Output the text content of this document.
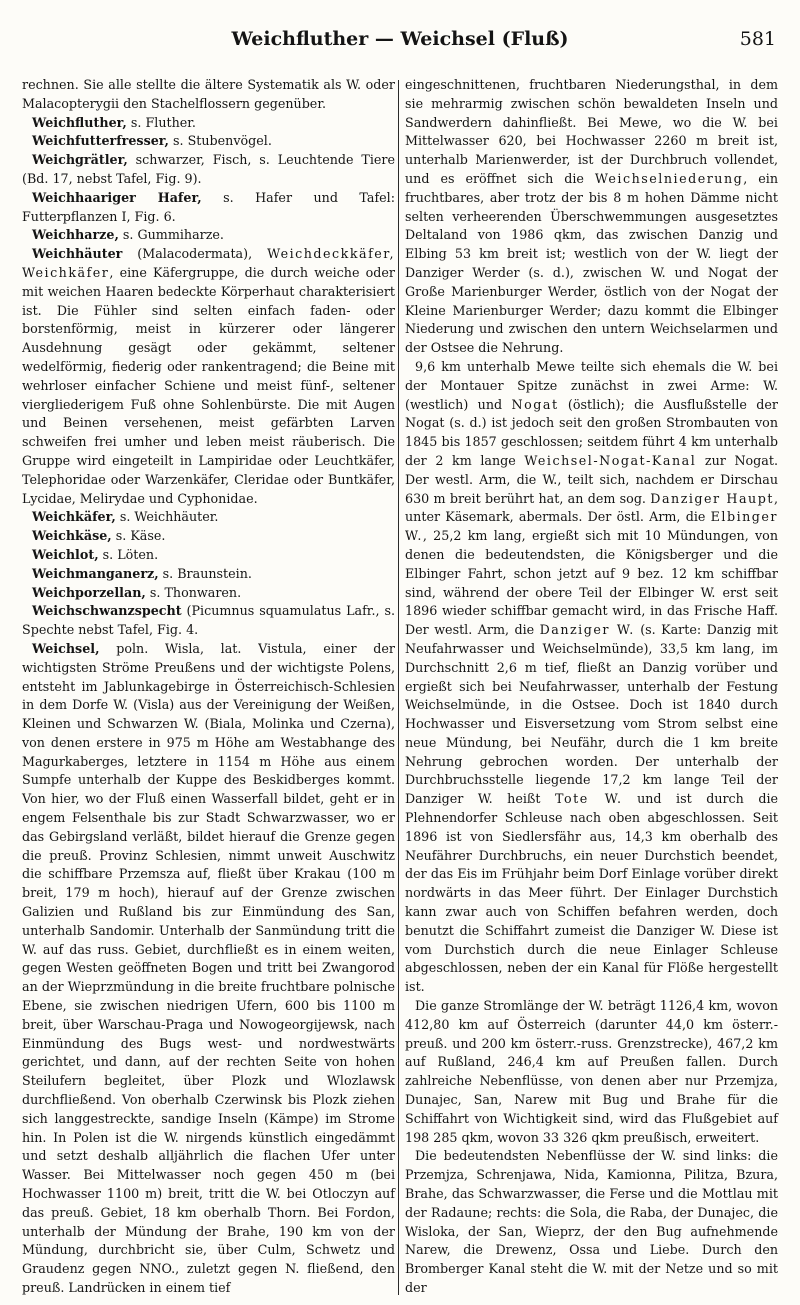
Weichfluther — Weichsel (Fluß)	581

rechnen. Sie alle stellte die ältere Systematik als W. oder Malacopterygii den Stachelflossern gegenüber.

Weichfluther, s. Fluther.

Weichfutterfresser, s. Stubenvögel.

Weichgrätler, schwarzer, Fisch, s. Leuchtende Tiere (Bd. 17, nebst Tafel, Fig. 9).

Weichhaariger Hafer, s. Hafer und Tafel: Futterpflanzen I, Fig. 6.

Weichharze, s. Gummiharze.

Weichhäuter (Malacodermata), Weichdeckkäfer, Weichkäfer, eine Käfergruppe, die durch weiche oder mit weichen Haaren bedeckte Körperhaut charakterisiert ist. Die Fühler sind selten einfach faden- oder borstenförmig, meist in kürzerer oder längerer Ausdehnung gesägt oder gekämmt, seltener wedelförmig, fiederig oder rankentragend; die Beine mit wehrloser einfacher Schiene und meist fünf-, seltener viergliederigem Fuß ohne Sohlenbürste. Die mit Augen und Beinen versehenen, meist gefärbten Larven schweifen frei umher und leben meist räuberisch. Die Gruppe wird eingeteilt in Lampiridae oder Leuchtkäfer, Telephoridae oder Warzenkäfer, Cleridae oder Buntkäfer, Lycidae, Melirydae und Cyphonidae.

Weichkäfer, s. Weichhäuter.

Weichkäse, s. Käse.

Weichlot, s. Löten.

Weichmanganerz, s. Braunstein.

Weichporzellan, s. Thonwaren.

Weichschwanzspecht (Picumnus squamulatus Lafr., s. Spechte nebst Tafel, Fig. 4.

Weichsel, poln. Wisla, lat. Vistula, einer der wichtigsten Ströme Preußens und der wichtigste Polens, entsteht im Jablunkagebirge in Österreichisch-Schlesien in dem Dorfe W. (Visla) aus der Vereinigung der Weißen, Kleinen und Schwarzen W. (Biala, Molinka und Czerna), von denen erstere in 975 m Höhe am Westabhange des Magurkaberges, letztere in 1154 m Höhe aus einem Sumpfe unterhalb der Kuppe des Beskidberges kommt. Von hier, wo der Fluß einen Wasserfall bildet, geht er in engem Felsenthale bis zur Stadt Schwarzwasser, wo er das Gebirgsland verläßt, bildet hierauf die Grenze gegen die preuß. Provinz Schlesien, nimmt unweit Auschwitz die schiffbare Przemsza auf, fließt über Krakau (100 m breit, 179 m hoch), hierauf auf der Grenze zwischen Galizien und Rußland bis zur Einmündung des San, unterhalb Sandomir. Unterhalb der Sanmündung tritt die W. auf das russ. Gebiet, durchfließt es in einem weiten, gegen Westen geöffneten Bogen und tritt bei Zwangorod an der Wieprzmündung in die breite fruchtbare polnische Ebene, sie zwischen niedrigen Ufern, 600 bis 1100 m breit, über Warschau-Praga und Nowogeorgijewsk, nach Einmündung des Bugs west- und nordwestwärts gerichtet, und dann, auf der rechten Seite von hohen Steilufern begleitet, über Plozk und Wlozlawsk durchfließend. Von oberhalb Czerwinsk bis Plozk ziehen sich langgestreckte, sandige Inseln (Kämpe) im Strome hin. In Polen ist die W. nirgends künstlich eingedämmt und setzt deshalb alljährlich die flachen Ufer unter Wasser. Bei Mittelwasser noch gegen 450 m (bei Hochwasser 1100 m) breit, tritt die W. bei Otloczyn auf das preuß. Gebiet, 18 km oberhalb Thorn. Bei Fordon, unterhalb der Mündung der Brahe, 190 km von der Mündung, durchbricht sie, über Culm, Schwetz und Graudenz gegen NNO., zuletzt gegen N. fließend, den preuß. Landrücken in einem tief

eingeschnittenen, fruchtbaren Niederungsthal, in dem sie mehrarmig zwischen schön bewaldeten Inseln und Sandwerdern dahinfließt. Bei Mewe, wo die W. bei Mittelwasser 620, bei Hochwasser 2260 m breit ist, unterhalb Marienwerder, ist der Durchbruch vollendet, und es eröffnet sich die Weichselniederung, ein fruchtbares, aber trotz der bis 8 m hohen Dämme nicht selten verheerenden Überschwemmungen ausgesetztes Deltaland von 1986 qkm, das zwischen Danzig und Elbing 53 km breit ist; westlich von der W. liegt der Danziger Werder (s. d.), zwischen W. und Nogat der Große Marienburger Werder, östlich von der Nogat der Kleine Marienburger Werder; dazu kommt die Elbinger Niederung und zwischen den untern Weichselarmen und der Ostsee die Nehrung.

9,6 km unterhalb Mewe teilte sich ehemals die W. bei der Montauer Spitze zunächst in zwei Arme: W. (westlich) und Nogat (östlich); die Ausflußstelle der Nogat (s. d.) ist jedoch seit den großen Strombauten von 1845 bis 1857 geschlossen; seitdem führt 4 km unterhalb der 2 km lange Weichsel-Nogat-Kanal zur Nogat. Der westl. Arm, die W., teilt sich, nachdem er Dirschau 630 m breit berührt hat, an dem sog. Danziger Haupt, unter Käsemark, abermals. Der östl. Arm, die Elbinger W., 25,2 km lang, ergießt sich mit 10 Mündungen, von denen die bedeutendsten, die Königsberger und die Elbinger Fahrt, schon jetzt auf 9 bez. 12 km schiffbar sind, während der obere Teil der Elbinger W. erst seit 1896 wieder schiffbar gemacht wird, in das Frische Haff. Der westl. Arm, die Danziger W. (s. Karte: Danzig mit Neufahrwasser und Weichselmünde), 33,5 km lang, im Durchschnitt 2,6 m tief, fließt an Danzig vorüber und ergießt sich bei Neufahrwasser, unterhalb der Festung Weichselmünde, in die Ostsee. Doch ist 1840 durch Hochwasser und Eisversetzung vom Strom selbst eine neue Mündung, bei Neufähr, durch die 1 km breite Nehrung gebrochen worden. Der unterhalb der Durchbruchsstelle liegende 17,2 km lange Teil der Danziger W. heißt Tote W. und ist durch die Plehnendorfer Schleuse nach oben abgeschlossen. Seit 1896 ist von Siedlersfähr aus, 14,3 km oberhalb des Neufährer Durchbruchs, ein neuer Durchstich beendet, der das Eis im Frühjahr beim Dorf Einlage vorüber direkt nordwärts in das Meer führt. Der Einlager Durchstich kann zwar auch von Schiffen befahren werden, doch benutzt die Schiffahrt zumeist die Danziger W. Diese ist vom Durchstich durch die neue Einlager Schleuse abgeschlossen, neben der ein Kanal für Flöße hergestellt ist.

Die ganze Stromlänge der W. beträgt 1126,4 km, wovon 412,80 km auf Österreich (darunter 44,0 km österr.-preuß. und 200 km österr.-russ. Grenzstrecke), 467,2 km auf Rußland, 246,4 km auf Preußen fallen. Durch zahlreiche Nebenflüsse, von denen aber nur Przemjza, Dunajec, San, Narew mit Bug und Brahe für die Schiffahrt von Wichtigkeit sind, wird das Flußgebiet auf 198 285 qkm, wovon 33 326 qkm preußisch, erweitert.

Die bedeutendsten Nebenflüsse der W. sind links: die Przemjza, Schrenjawa, Nida, Kamionna, Pilitza, Bzura, Brahe, das Schwarzwasser, die Ferse und die Mottlau mit der Radaune; rechts: die Sola, die Raba, der Dunajec, die Wisloka, der San, Wieprz, der den Bug aufnehmende Narew, die Drewenz, Ossa und Liebe. Durch den Bromberger Kanal steht die W. mit der Netze und so mit der
